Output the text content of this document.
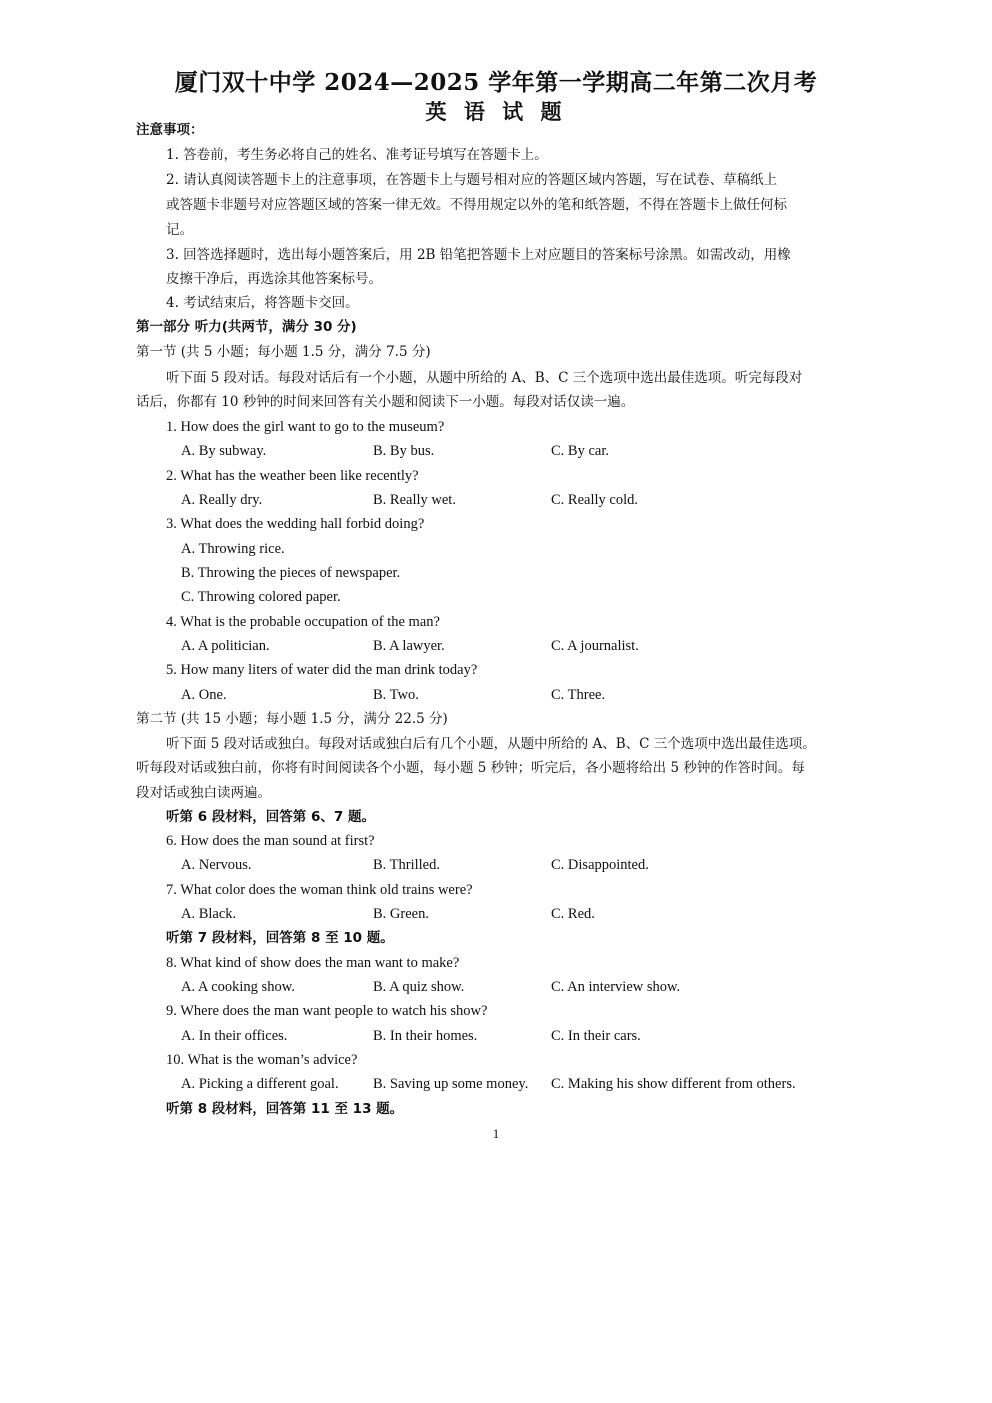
厦门双十中学 2024—2025 学年第一学期高二年第二次月考
英 语 试 题
注意事项：
1. 答卷前，考生务必将自己的姓名、准考证号填写在答题卡上。
2. 请认真阅读答题卡上的注意事项，在答题卡上与题号相对应的答题区域内答题，写在试卷、草稿纸上
或答题卡非题号对应答题区域的答案一律无效。不得用规定以外的笔和纸答题，不得在答题卡上做任何标
记。
3. 回答选择题时，选出每小题答案后，用 2B 铅笔把答题卡上对应题目的答案标号涂黑。如需改动，用橡
皮擦干净后，再选涂其他答案标号。
4. 考试结束后，将答题卡交回。
第一部分 听力(共两节，满分 30 分)
第一节 (共 5 小题；每小题 1.5 分，满分 7.5 分)
听下面 5 段对话。每段对话后有一个小题，从题中所给的 A、B、C 三个选项中选出最佳选项。听完每段对
话后，你都有 10 秒钟的时间来回答有关小题和阅读下一小题。每段对话仅读一遍。
1. How does the girl want to go to the museum?
A. By subway.	B. By bus.	C. By car.
2. What has the weather been like recently?
A. Really dry.	B. Really wet.	C. Really cold.
3. What does the wedding hall forbid doing?
A. Throwing rice.
B. Throwing the pieces of newspaper.
C. Throwing colored paper.
4. What is the probable occupation of the man?
A. A politician.	B. A lawyer.	C. A journalist.
5. How many liters of water did the man drink today?
A. One.	B. Two.	C. Three.
第二节 (共 15 小题；每小题 1.5 分，满分 22.5 分)
听下面 5 段对话或独白。每段对话或独白后有几个小题，从题中所给的 A、B、C 三个选项中选出最佳选项。
听每段对话或独白前，你将有时间阅读各个小题，每小题 5 秒钟；听完后，各小题将给出 5 秒钟的作答时间。每
段对话或独白读两遍。
听第 6 段材料，回答第 6、7 题。
6. How does the man sound at first?
A. Nervous.	B. Thrilled.	C. Disappointed.
7. What color does the woman think old trains were?
A. Black.	B. Green.	C. Red.
听第 7 段材料，回答第 8 至 10 题。
8. What kind of show does the man want to make?
A. A cooking show.	B. A quiz show.	C. An interview show.
9. Where does the man want people to watch his show?
A. In their offices.	B. In their homes.	C. In their cars.
10. What is the woman’s advice?
A. Picking a different goal. B. Saving up some money. C. Making his show different from others.
听第 8 段材料，回答第 11 至 13 题。
1
